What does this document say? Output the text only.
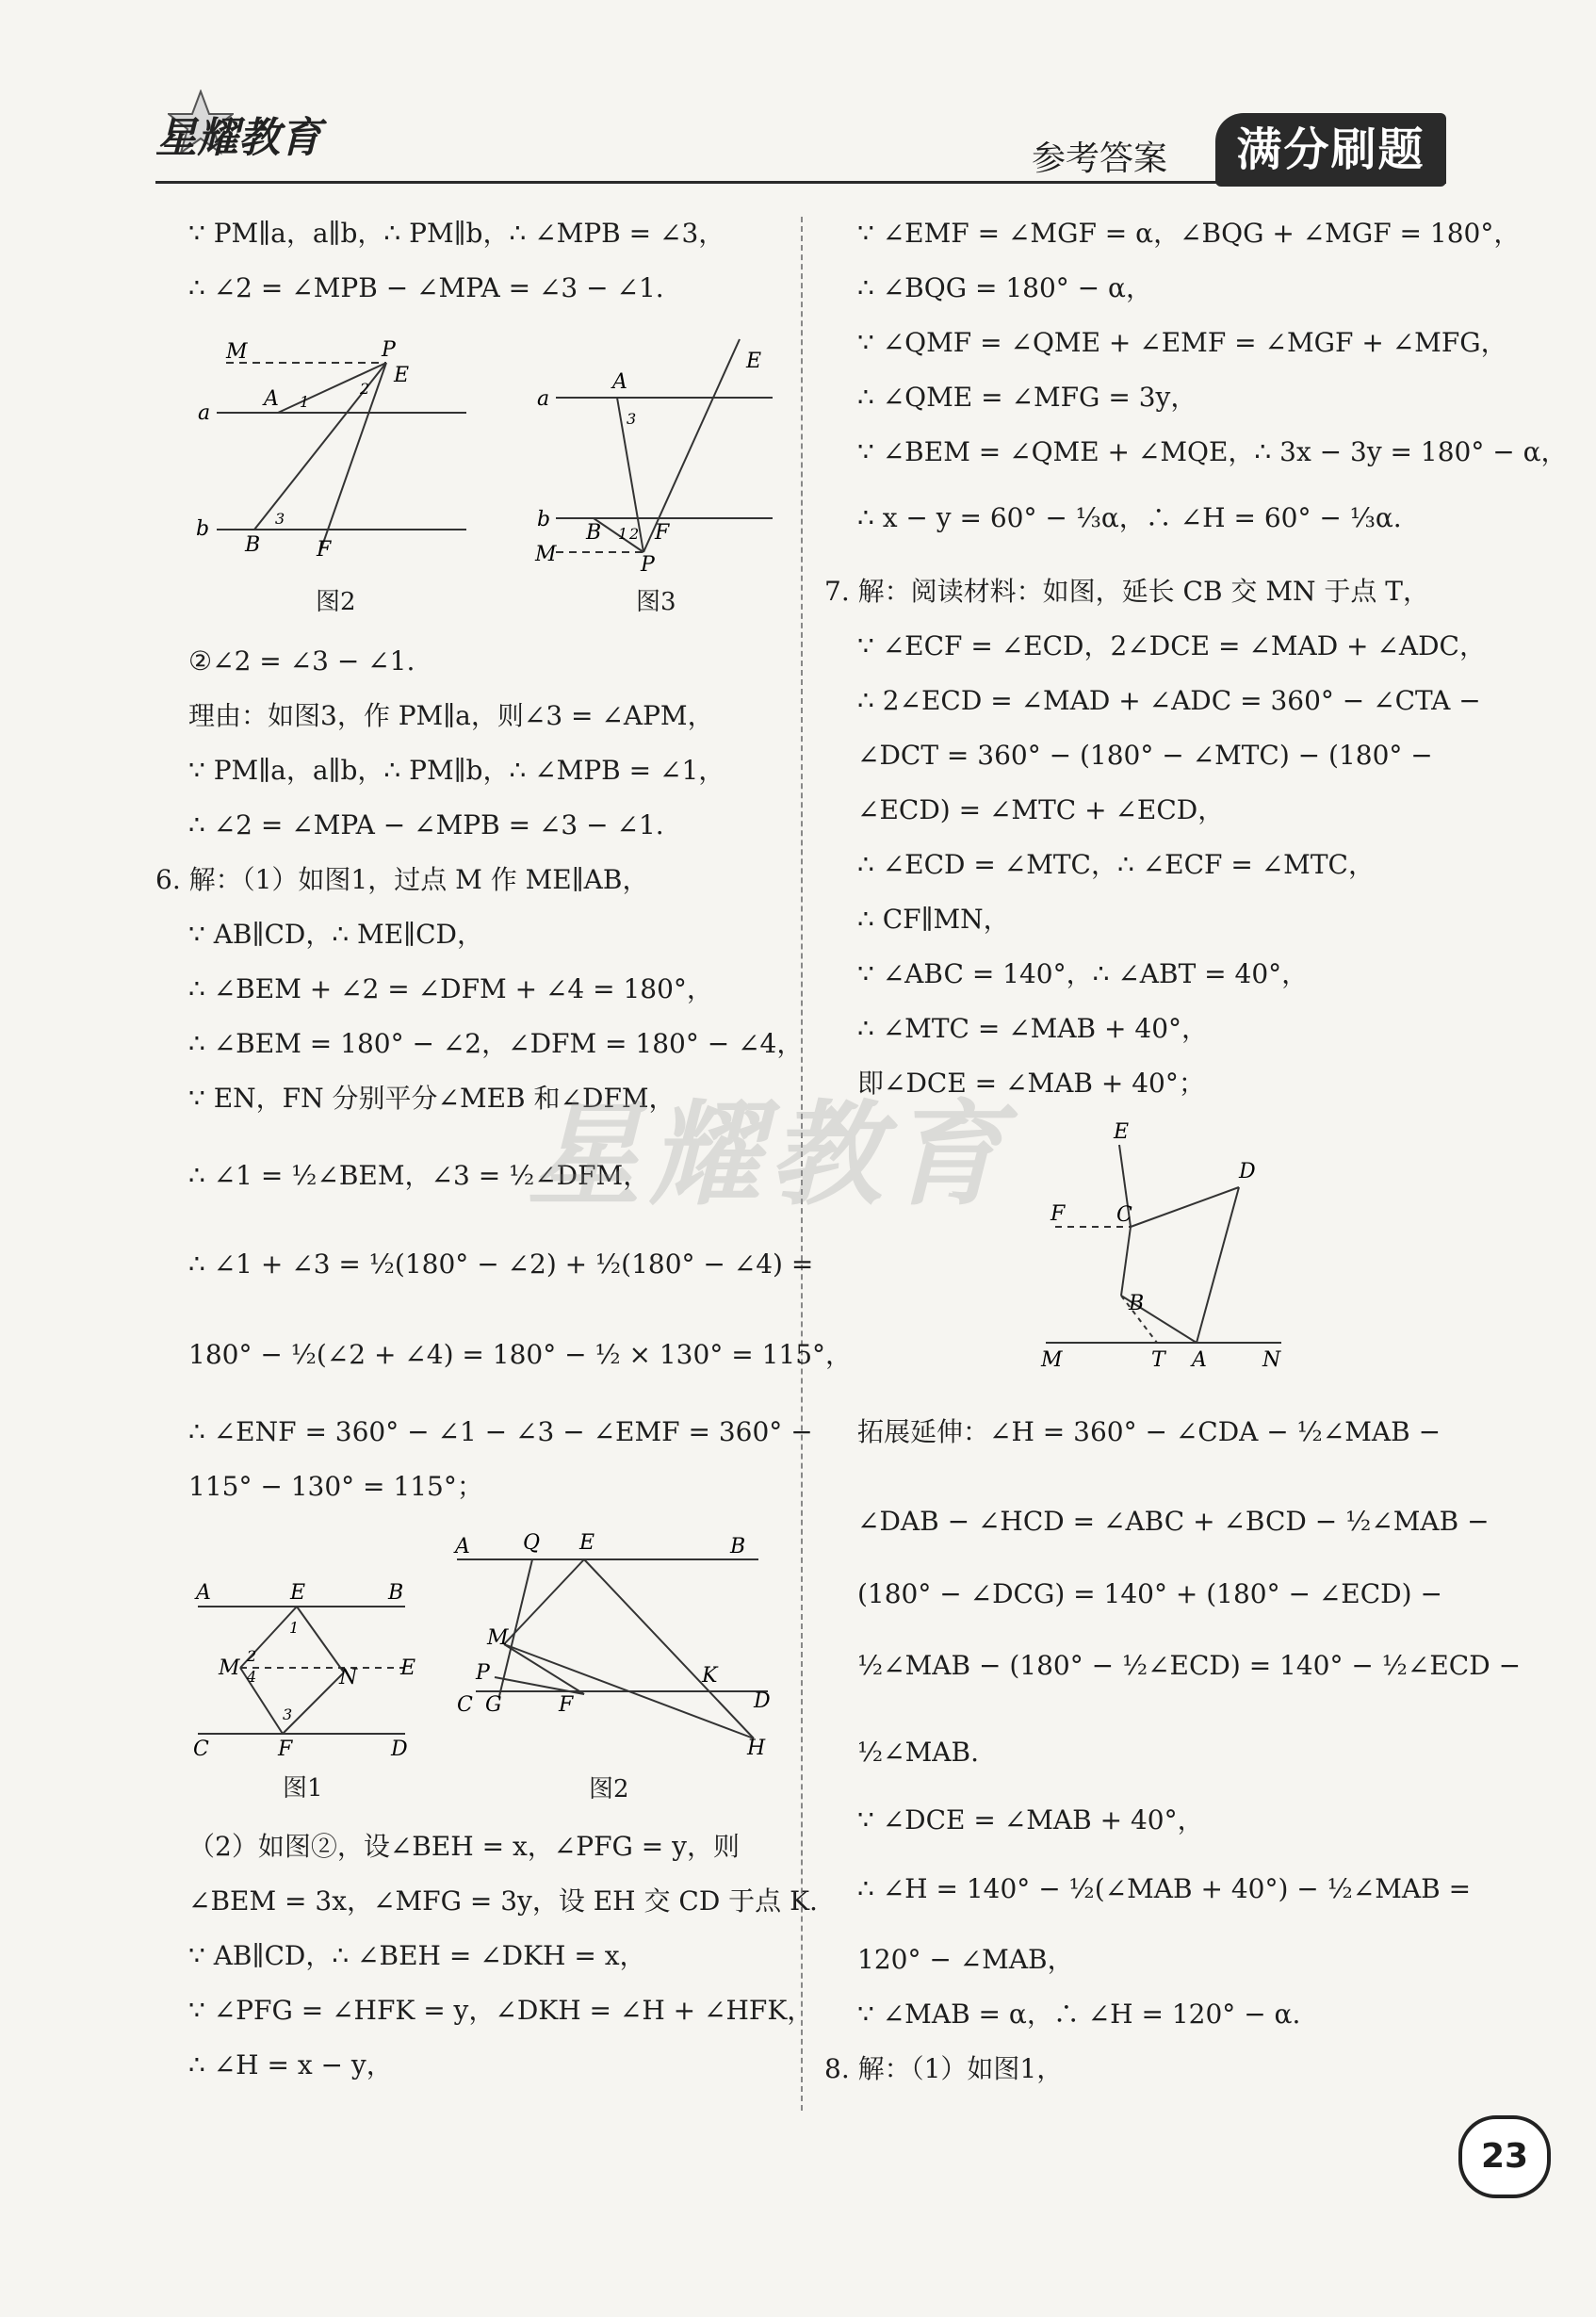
星耀教育	参考答案	满分刷题
∵ PM∥a，a∥b，∴ PM∥b，∴ ∠MPB = ∠3，
∴ ∠2 = ∠MPB − ∠MPA = ∠3 − ∠1.
M	P
E
A
a
b
B	F
1
2
3
图2
A
a
E
b
B	F
P
M
3
1 2
图3
②∠2 = ∠3 − ∠1.
理由：如图3，作 PM∥a，则∠3 = ∠APM，
∵ PM∥a，a∥b，∴ PM∥b，∴ ∠MPB = ∠1，
∴ ∠2 = ∠MPA − ∠MPB = ∠3 − ∠1.
6. 解：（1）如图1，过点 M 作 ME∥AB，
∵ AB∥CD，∴ ME∥CD，
∴ ∠BEM + ∠2 = ∠DFM + ∠4 = 180°，
∴ ∠BEM = 180° − ∠2，∠DFM = 180° − ∠4，
∵ EN，FN 分别平分∠MEB 和∠DFM，
∴ ∠1 = ½∠BEM，∠3 = ½∠DFM，
∴ ∠1 + ∠3 = ½(180° − ∠2) + ½(180° − ∠4) =
180° − ½(∠2 + ∠4) = 180° − ½ × 130° = 115°，
∴ ∠ENF = 360° − ∠1 − ∠3 − ∠EMF = 360° −
115° − 130° = 115°；
A	E	B
M	E
N
C	F	D
1
2
4
3
图1
A	Q E	B
M
P	K
C G	F	D
H
图2
（2）如图②，设∠BEH = x，∠PFG = y，则
∠BEM = 3x，∠MFG = 3y，设 EH 交 CD 于点 K.
∵ AB∥CD，∴ ∠BEH = ∠DKH = x，
∵ ∠PFG = ∠HFK = y，∠DKH = ∠H + ∠HFK，
∴ ∠H = x − y，
∵ ∠EMF = ∠MGF = α，∠BQG + ∠MGF = 180°，
∴ ∠BQG = 180° − α，
∵ ∠QMF = ∠QME + ∠EMF = ∠MGF + ∠MFG，
∴ ∠QME = ∠MFG = 3y，
∵ ∠BEM = ∠QME + ∠MQE，∴ 3x − 3y = 180° − α，
∴ x − y = 60° − ⅓α，∴ ∠H = 60° − ⅓α.
7. 解：阅读材料：如图，延长 CB 交 MN 于点 T，
∵ ∠ECF = ∠ECD，2∠DCE = ∠MAD + ∠ADC，
∴ 2∠ECD = ∠MAD + ∠ADC = 360° − ∠CTA −
∠DCT = 360° − (180° − ∠MTC) − (180° −
∠ECD) = ∠MTC + ∠ECD，
∴ ∠ECD = ∠MTC，∴ ∠ECF = ∠MTC，
∴ CF∥MN，
∵ ∠ABC = 140°，∴ ∠ABT = 40°，
∴ ∠MTC = ∠MAB + 40°，
即∠DCE = ∠MAB + 40°；
E
D
C
F
B
M	T A	N
拓展延伸：∠H = 360° − ∠CDA − ½∠MAB −
∠DAB − ∠HCD = ∠ABC + ∠BCD − ½∠MAB −
(180° − ∠DCG) = 140° + (180° − ∠ECD) −
½∠MAB − (180° − ½∠ECD) = 140° − ½∠ECD −
½∠MAB.
∵ ∠DCE = ∠MAB + 40°，
∴ ∠H = 140° − ½(∠MAB + 40°) − ½∠MAB =
120° − ∠MAB，
∵ ∠MAB = α，∴ ∠H = 120° − α.
8. 解：（1）如图1，
星耀教育
23
